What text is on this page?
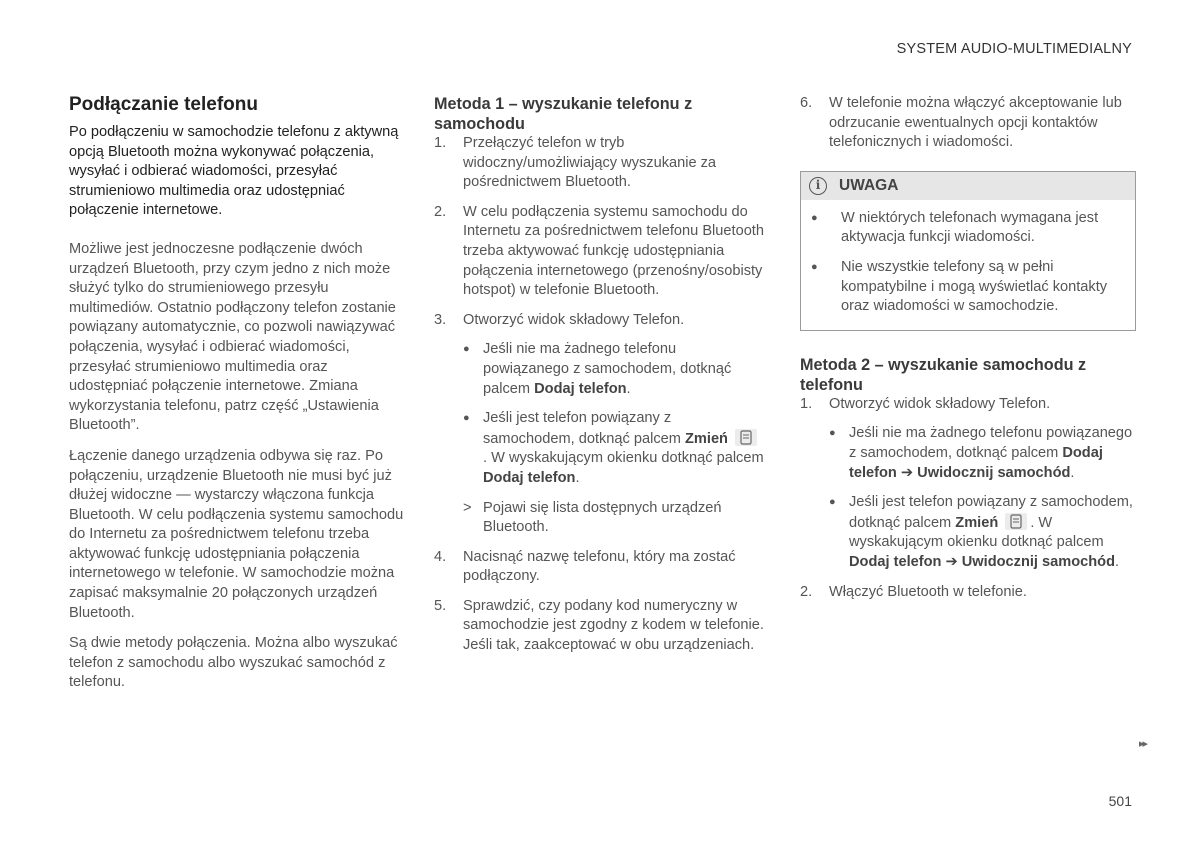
SYSTEM AUDIO-MULTIMEDIALNY
Podłączanie telefonu

Po podłączeniu w samochodzie telefonu z aktywną opcją Bluetooth można wykonywać połączenia, wysyłać i odbierać wiadomości, przesyłać strumieniowo multimedia oraz udostępniać połączenie internetowe.

Możliwe jest jednoczesne podłączenie dwóch urządzeń Bluetooth, przy czym jedno z nich może służyć tylko do strumieniowego przesyłu multimediów. Ostatnio podłączony telefon zostanie powiązany automatycznie, co pozwoli nawiązywać połączenia, wysyłać i odbierać wiadomości, przesyłać strumieniowo multimedia oraz udostępniać połączenie internetowe. Zmiana wykorzystania telefonu, patrz część „Ustawienia Bluetooth”.

Łączenie danego urządzenia odbywa się raz. Po połączeniu, urządzenie Bluetooth nie musi być już dłużej widoczne — wystarczy włączona funkcja Bluetooth. W celu podłączenia systemu samochodu do Internetu za pośrednictwem telefonu trzeba aktywować funkcję udostępniania połączenia internetowego w telefonie. W samochodzie można zapisać maksymalnie 20 połączonych urządzeń Bluetooth.

Są dwie metody połączenia. Można albo wyszukać telefon z samochodu albo wyszukać samochód z telefonu.

Metoda 1 – wyszukanie telefonu z samochodu
1.	Przełączyć telefon w tryb widoczny/umożliwiający wyszukanie za pośrednictwem Bluetooth.
2.	W celu podłączenia systemu samochodu do Internetu za pośrednictwem telefonu Bluetooth trzeba aktywować funkcję udostępniania połączenia internetowego (przenośny/osobisty hotspot) w telefonie Bluetooth.
3.	Otworzyć widok składowy Telefon.
● Jeśli nie ma żadnego telefonu powiązanego z samochodem, dotknąć palcem Dodaj telefon.
● Jeśli jest telefon powiązany z samochodem, dotknąć palcem Zmień
. W wyskakującym okienku dotknąć palcem Dodaj telefon.
> Pojawi się lista dostępnych urządzeń Bluetooth.
4.	Nacisnąć nazwę telefonu, który ma zostać podłączony.
5.	Sprawdzić, czy podany kod numeryczny w samochodzie jest zgodny z kodem w telefonie. Jeśli tak, zaakceptować w obu urządzeniach.
6.	W telefonie można włączyć akceptowanie lub odrzucanie ewentualnych opcji kontaktów telefonicznych i wiadomości.
i	UWAGA
●	W niektórych telefonach wymagana jest aktywacja funkcji wiadomości.
●	Nie wszystkie telefony są w pełni kompatybilne i mogą wyświetlać kontakty oraz wiadomości w samochodzie.
Metoda 2 – wyszukanie samochodu z telefonu
1.	Otworzyć widok składowy Telefon.
● Jeśli nie ma żadnego telefonu powiązanego z samochodem, dotknąć palcem Dodaj telefon ➔ Uwidocznij samochód.
● Jeśli jest telefon powiązany z samochodem, dotknąć palcem Zmień . W wyskakującym okienku dotknąć palcem Dodaj telefon ➔ Uwidocznij samochód.
2.	Włączyć Bluetooth w telefonie.
▸▸
501
